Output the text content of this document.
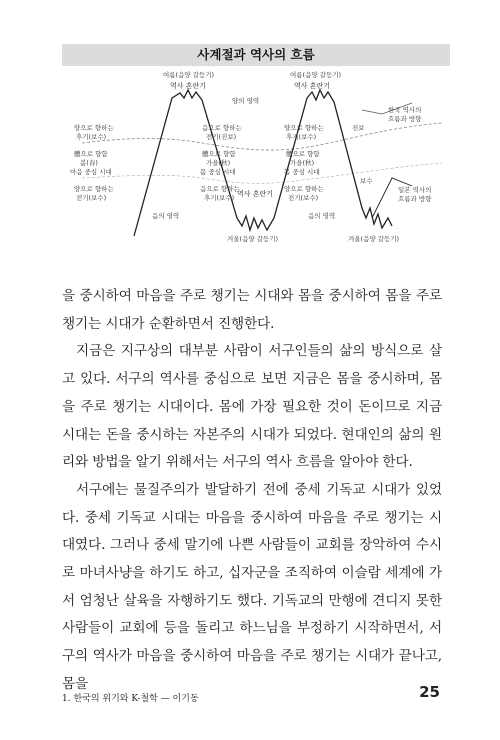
사계절과 역사의 흐름
여름(음양 갈등기)
역사 혼란기
여름(음양 갈등기)
역사 혼란기
양의 영역
한국 역사의
흐름과 방향
양으로 향하는
후기(보수)
體으로 향함
봄(春)
마음 중심 시대
양으로 향하는
전기(보수)
음으로 향하는
전기(진보)
體으로 향함
가을(秋)
몸 중심 시대
음으로 향하는
후기(보수)
음의 영역
역사 혼란기
겨울(음양 갈등기)
양으로 향하는
후기(보수)
體으로 향함
가을(秋)
몸 중심 시대
양으로 향하는
전기(보수)
음의 영역
진보
보수
겨울(음양 갈등기)
일본 역사의
흐름과 방향

을 중시하여 마음을 주로 챙기는 시대와 몸을 중시하여 몸을 주로 챙기는 시대가 순환하면서 진행한다.

지금은 지구상의 대부분 사람이 서구인들의 삶의 방식으로 살고 있다. 서구의 역사를 중심으로 보면 지금은 몸을 중시하며, 몸을 주로 챙기는 시대이다. 몸에 가장 필요한 것이 돈이므로 지금 시대는 돈을 중시하는 자본주의 시대가 되었다. 현대인의 삶의 원리와 방법을 알기 위해서는 서구의 역사 흐름을 알아야 한다.

서구에는 물질주의가 발달하기 전에 중세 기독교 시대가 있었다. 중세 기독교 시대는 마음을 중시하여 마음을 주로 챙기는 시대였다. 그러나 중세 말기에 나쁜 사람들이 교회를 장악하여 수시로 마녀사냥을 하기도 하고, 십자군을 조직하여 이슬람 세계에 가서 엄청난 살육을 자행하기도 했다. 기독교의 만행에 견디지 못한 사람들이 교회에 등을 돌리고 하느님을 부정하기 시작하면서, 서구의 역사가 마음을 중시하여 마음을 주로 챙기는 시대가 끝나고, 몸을

1. 한국의 위기와 K-철학 — 이기동	25
